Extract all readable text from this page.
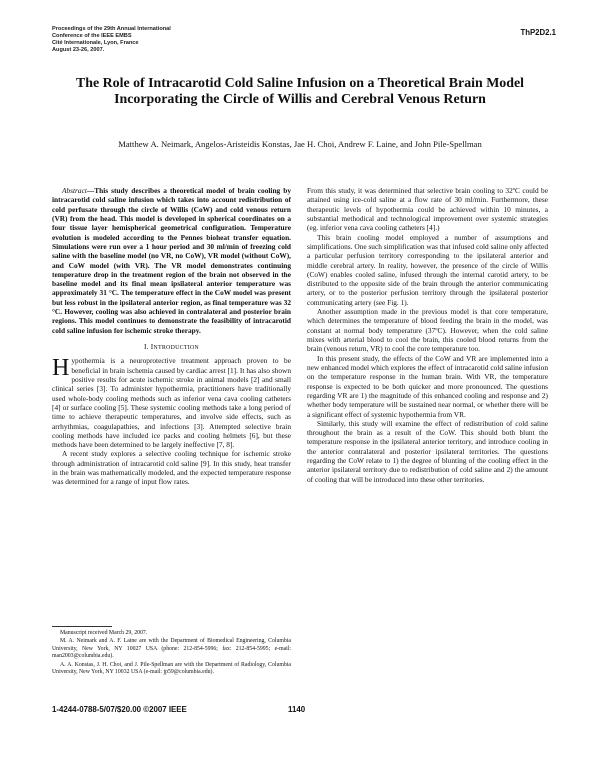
Proceedings of the 29th Annual International
Conference of the IEEE EMBS
Cité Internationale, Lyon, France
August 23-26, 2007.
ThP2D2.1
The Role of Intracarotid Cold Saline Infusion on a Theoretical Brain Model Incorporating the Circle of Willis and Cerebral Venous Return
Matthew A. Neimark, Angelos-Aristeidis Konstas, Jae H. Choi, Andrew F. Laine, and John Pile-Spellman

Abstract—This study describes a theoretical model of brain cooling by intracarotid cold saline infusion which takes into account redistribution of cold perfusate through the circle of Willis (CoW) and cold venous return (VR) from the head. This model is developed in spherical coordinates on a four tissue layer hemispherical geometrical configuration. Temperature evolution is modeled according to the Pennes bioheat transfer equation. Simulations were run over a 1 hour period and 30 ml/min of freezing cold saline with the baseline model (no VR, no CoW), VR model (without CoW), and CoW model (with VR). The VR model demonstrates continuing temperature drop in the treatment region of the brain not observed in the baseline model and its final mean ipsilateral anterior temperature was approximately 31 °C. The temperature effect in the CoW model was present but less robust in the ipsilateral anterior region, as final temperature was 32 °C. However, cooling was also achieved in contralateral and posterior brain regions. This model continues to demonstrate the feasibility of intracarotid cold saline infusion for ischemic stroke therapy.

I. INTRODUCTION

Hypothermia is a neuroprotective treatment approach proven to be beneficial in brain ischemia caused by cardiac arrest [1]. It has also shown positive results for acute ischemic stroke in animal models [2] and small clinical series [3]. To administer hypothermia, practitioners have traditionally used whole-body cooling methods such as inferior vena cava cooling catheters [4] or surface cooling [5]. These systemic cooling methods take a long period of time to achieve therapeutic temperatures, and involve side effects, such as arrhythmias, coagulapathies, and infections [3]. Attempted selective brain cooling methods have included ice packs and cooling helmets [6], but these methods have been determined to be largely ineffective [7, 8].

A recent study explores a selective cooling technique for ischemic stroke through administration of intracarotid cold saline [9]. In this study, heat transfer in the brain was mathematically modeled, and the expected temperature response was determined for a range of input flow rates.

Manuscript received March 29, 2007.

M. A. Neimark and A. F. Laine are with the Department of Biomedical Engineering, Columbia University, New York, NY 10027 USA (phone: 212-854-5996; fax: 212-854-5995; e-mail: man2003@columbia.edu).

A. A. Konstas, J. H. Choi, and J. Pile-Spellman are with the Department of Radiology, Columbia University, New York, NY 10032 USA (e-mail: jp59@columbia.edu).

From this study, it was determined that selective brain cooling to 32ºC could be attained using ice-cold saline at a flow rate of 30 ml/min. Furthermore, these therapeutic levels of hypothermia could be achieved within 10 minutes, a substantial methodical and technological improvement over systemic strategies (eg. inferior vena cava cooling catheters [4].)

This brain cooling model employed a number of assumptions and simplifications. One such simplification was that infused cold saline only affected a particular perfusion territory corresponding to the ipsilateral anterior and middle cerebral artery. In reality, however, the presence of the circle of Willis (CoW) enables cooled saline, infused through the internal carotid artery, to be distributed to the opposite side of the brain through the anterior communicating artery, or to the posterior perfusion territory through the ipsilateral posterior communicating artery (see Fig. 1).

Another assumption made in the previous model is that core temperature, which determines the temperature of blood feeding the brain in the model, was constant at normal body temperature (37ºC). However, when the cold saline mixes with arterial blood to cool the brain, this cooled blood returns from the brain (venous return, VR) to cool the core temperature too.

In this present study, the effects of the CoW and VR are implemented into a new enhanced model which explores the effect of intracarotid cold saline infusion on the temperature response in the human brain. With VR, the temperature response is expected to be both quicker and more pronounced. The questions regarding VR are 1) the magnitude of this enhanced cooling and response and 2) whether body temperature will be sustained near normal, or whether there will be a significant effect of systemic hypothermia from VR.

Similarly, this study will examine the effect of redistribution of cold saline throughout the brain as a result of the CoW. This should both blunt the temperature response in the ipsilateral anterior territory, and introduce cooling in the anterior contralateral and posterior ipsilateral territories. The questions regarding the CoW relate to 1) the degree of blunting of the cooling effect in the anterior ipsilateral territory due to redistribution of cold saline and 2) the amount of cooling that will be introduced into these other territories.

1-4244-0788-5/07/$20.00 ©2007 IEEE	1140
